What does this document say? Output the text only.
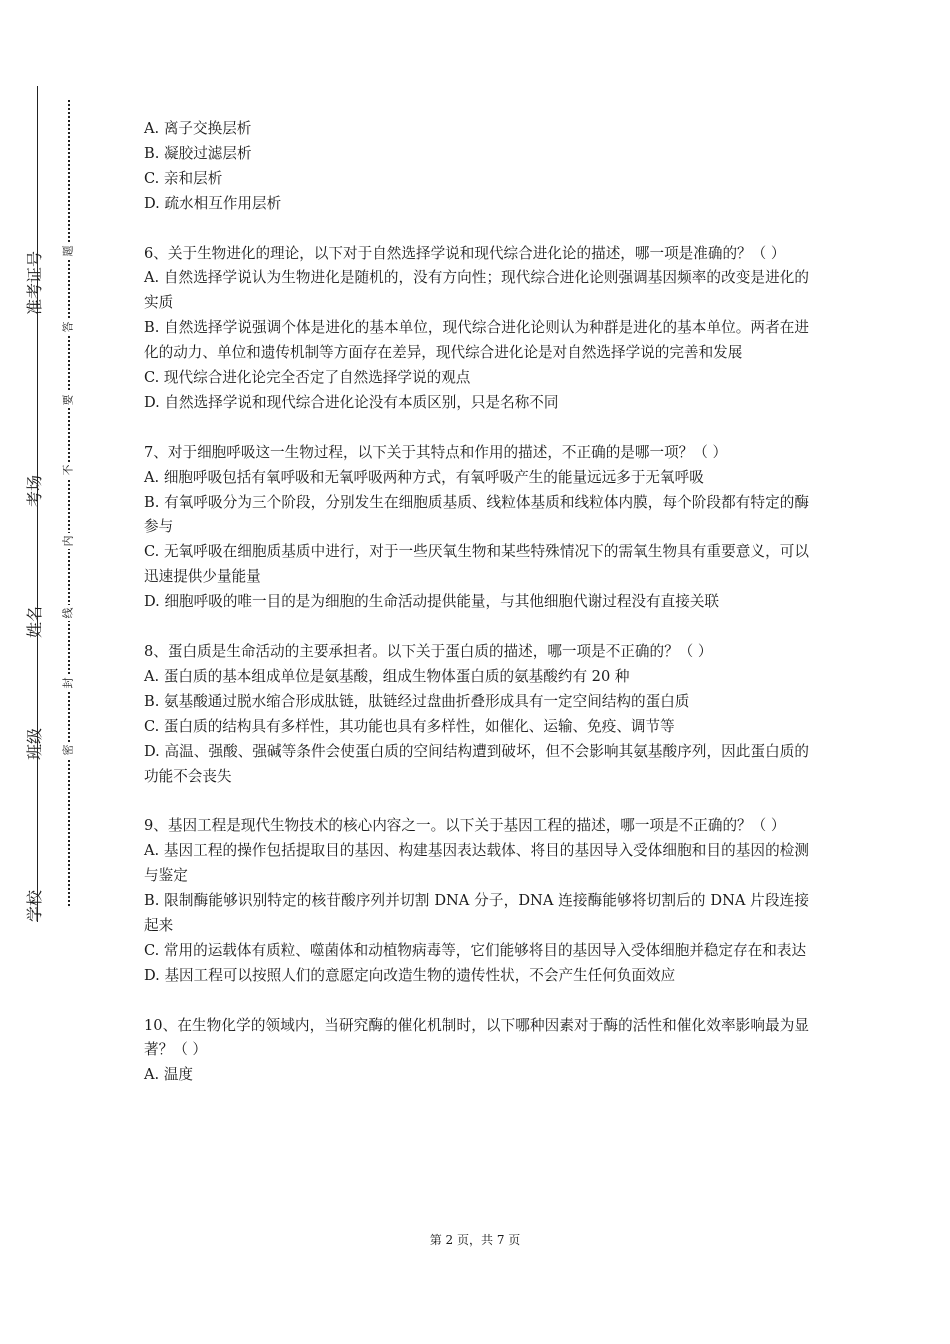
学校
班级
姓名
考场
准考证号
密
封
线
内
不
要
答
题

A. 离子交换层析

B. 凝胶过滤层析

C. 亲和层析

D. 疏水相互作用层析

6、关于生物进化的理论，以下对于自然选择学说和现代综合进化论的描述，哪一项是准确的？（ ）

A. 自然选择学说认为生物进化是随机的，没有方向性；现代综合进化论则强调基因频率的改变是进化的实质

B. 自然选择学说强调个体是进化的基本单位，现代综合进化论则认为种群是进化的基本单位。两者在进化的动力、单位和遗传机制等方面存在差异，现代综合进化论是对自然选择学说的完善和发展

C. 现代综合进化论完全否定了自然选择学说的观点

D. 自然选择学说和现代综合进化论没有本质区别，只是名称不同

7、对于细胞呼吸这一生物过程，以下关于其特点和作用的描述，不正确的是哪一项？（ ）

A. 细胞呼吸包括有氧呼吸和无氧呼吸两种方式，有氧呼吸产生的能量远远多于无氧呼吸

B. 有氧呼吸分为三个阶段，分别发生在细胞质基质、线粒体基质和线粒体内膜，每个阶段都有特定的酶参与

C. 无氧呼吸在细胞质基质中进行，对于一些厌氧生物和某些特殊情况下的需氧生物具有重要意义，可以迅速提供少量能量

D. 细胞呼吸的唯一目的是为细胞的生命活动提供能量，与其他细胞代谢过程没有直接关联

8、蛋白质是生命活动的主要承担者。以下关于蛋白质的描述，哪一项是不正确的？（ ）

A. 蛋白质的基本组成单位是氨基酸，组成生物体蛋白质的氨基酸约有 20 种

B. 氨基酸通过脱水缩合形成肽链，肽链经过盘曲折叠形成具有一定空间结构的蛋白质

C. 蛋白质的结构具有多样性，其功能也具有多样性，如催化、运输、免疫、调节等

D. 高温、强酸、强碱等条件会使蛋白质的空间结构遭到破坏，但不会影响其氨基酸序列，因此蛋白质的功能不会丧失

9、基因工程是现代生物技术的核心内容之一。以下关于基因工程的描述，哪一项是不正确的？（ ）

A. 基因工程的操作包括提取目的基因、构建基因表达载体、将目的基因导入受体细胞和目的基因的检测与鉴定

B. 限制酶能够识别特定的核苷酸序列并切割 DNA 分子，DNA 连接酶能够将切割后的 DNA 片段连接起来

C. 常用的运载体有质粒、噬菌体和动植物病毒等，它们能够将目的基因导入受体细胞并稳定存在和表达

D. 基因工程可以按照人们的意愿定向改造生物的遗传性状，不会产生任何负面效应

10、在生物化学的领域内，当研究酶的催化机制时，以下哪种因素对于酶的活性和催化效率影响最为显著？（ ）

A. 温度

第 2 页，共 7 页
